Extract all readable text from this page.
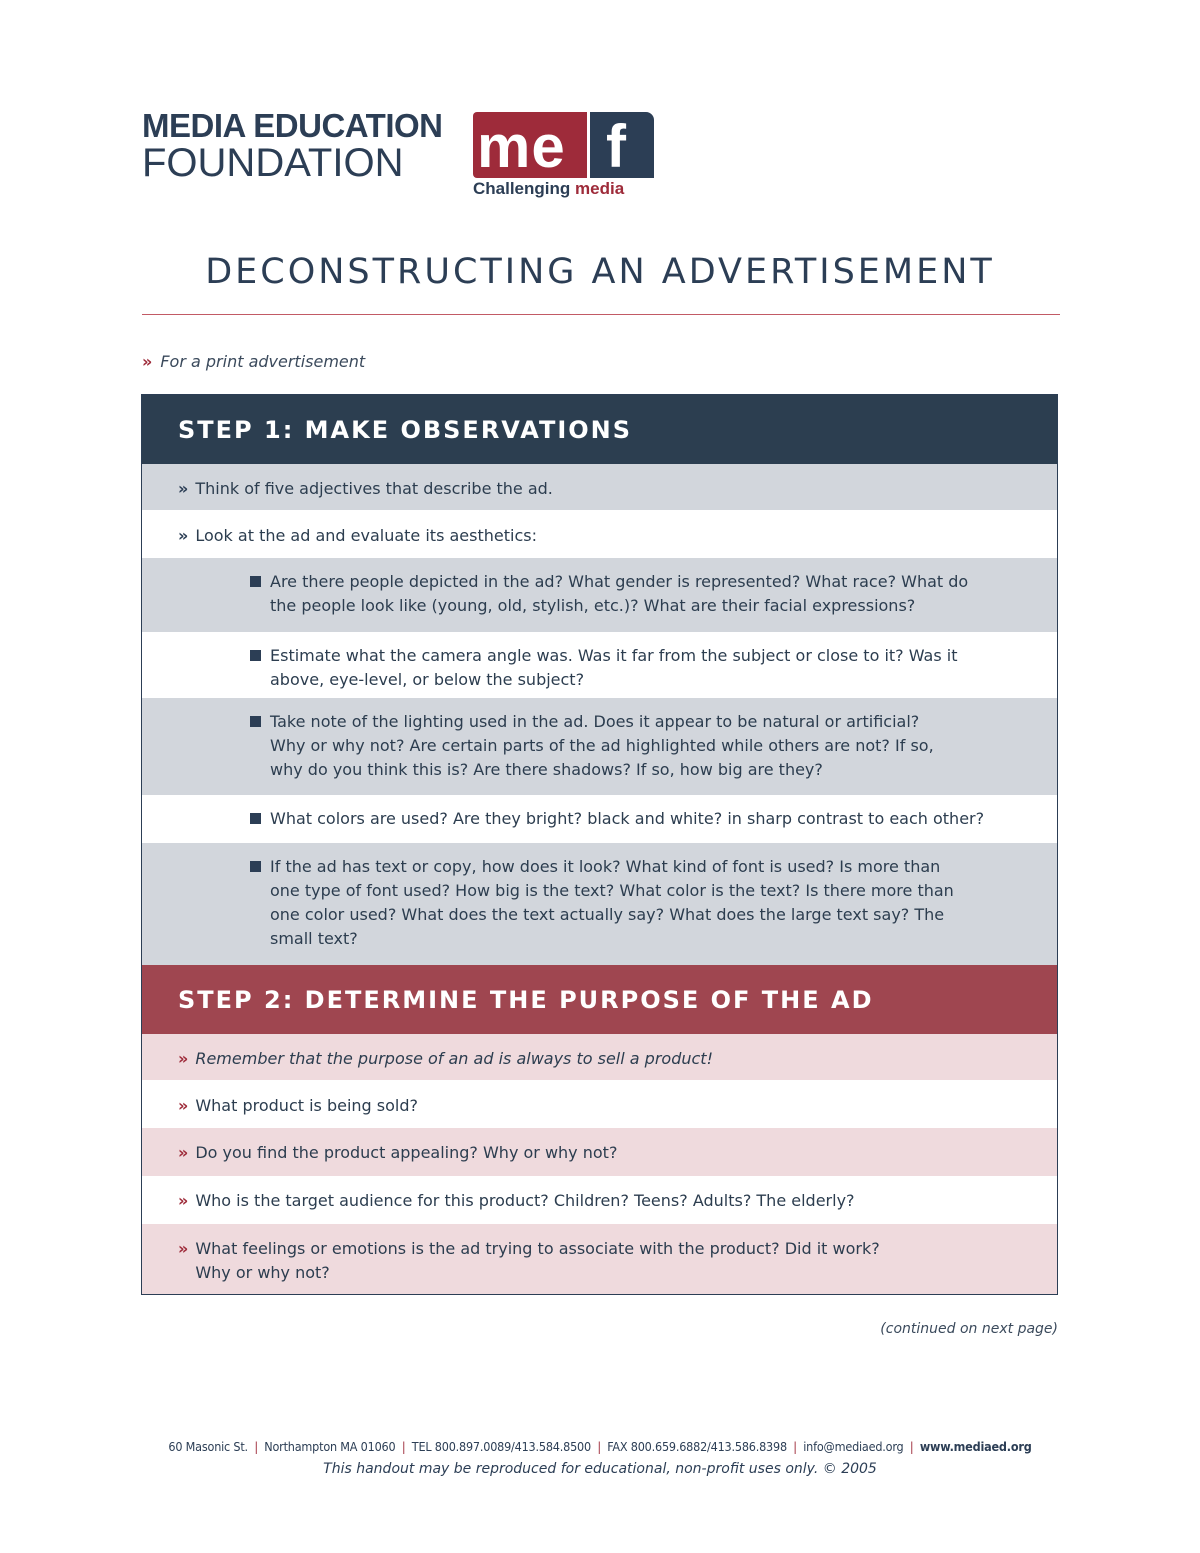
MEDIA EDUCATION
FOUNDATION me f
Challenging media
DECONSTRUCTING AN ADVERTISEMENT
» For a print advertisement
STEP 1: MAKE OBSERVATIONS
» Think of five adjectives that describe the ad.
» Look at the ad and evaluate its aesthetics:
Are there people depicted in the ad? What gender is represented? What race? What do
the people look like (young, old, stylish, etc.)? What are their facial expressions?
Estimate what the camera angle was. Was it far from the subject or close to it? Was it
above, eye-level, or below the subject?
Take note of the lighting used in the ad. Does it appear to be natural or artificial?
Why or why not? Are certain parts of the ad highlighted while others are not? If so,
why do you think this is? Are there shadows? If so, how big are they?
What colors are used? Are they bright? black and white? in sharp contrast to each other?
If the ad has text or copy, how does it look? What kind of font is used? Is more than
one type of font used? How big is the text? What color is the text? Is there more than
one color used? What does the text actually say? What does the large text say? The
small text?
STEP 2: DETERMINE THE PURPOSE OF THE AD
» Remember that the purpose of an ad is always to sell a product!
» What product is being sold?
» Do you find the product appealing? Why or why not?
» Who is the target audience for this product? Children? Teens? Adults? The elderly?
» What feelings or emotions is the ad trying to associate with the product? Did it work?
Why or why not?
(continued on next page)
60 Masonic St. | Northampton MA 01060 | TEL 800.897.0089/413.584.8500 | FAX 800.659.6882/413.586.8398 | info@mediaed.org | www.mediaed.org
This handout may be reproduced for educational, non-profit uses only. © 2005
